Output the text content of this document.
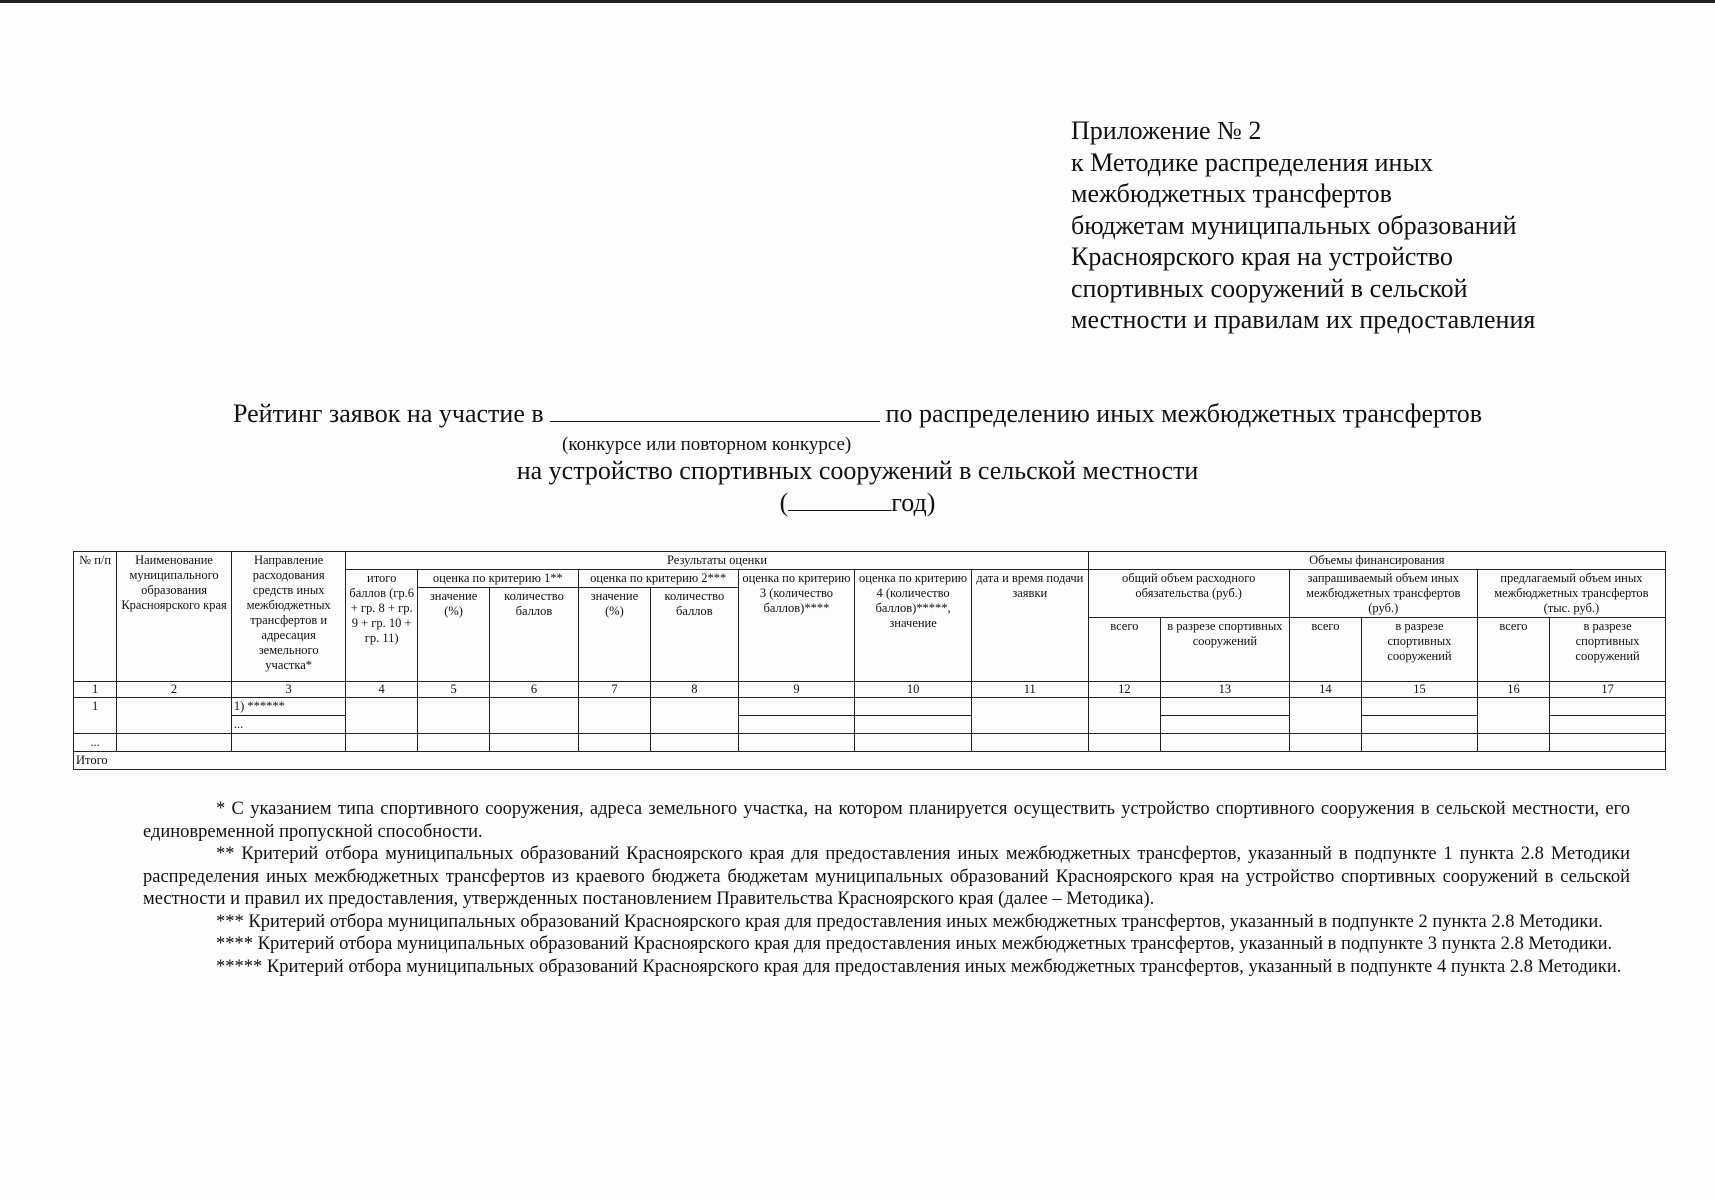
Приложение № 2
к Методике распределения иных
межбюджетных трансфертов
бюджетам муниципальных образований
Красноярского края на устройство
спортивных сооружений в сельской
местности и правилам их предоставления
Рейтинг заявок на участие в	по распределению иных межбюджетных трансфертов
(конкурсе или повторном конкурсе)
на устройство спортивных сооружений в сельской местности
(	год)
№ п/п	Наименование муниципального образования Красноярского края	Направление расходования средств иных межбюджетных трансфертов и адресация земельного участка*	Результаты оценки								Объемы финансирования					
			итого баллов (гр.6 + гр. 8 + гр. 9 + гр. 10 + гр. 11)	оценка по критерию 1**		оценка по критерию 2***		оценка по критерию 3 (количество баллов)****	оценка по критерию 4 (количество баллов)*****, значение	дата и время подачи заявки	общий объем расходного обязательства (руб.)		запрашиваемый объем иных межбюджетных трансфертов (руб.)		предлагаемый объем иных межбюджетных трансфертов (тыс. руб.)	
				значение (%)	количество баллов	значение (%)	количество баллов									
											всего	в разрезе спортивных сооружений	всего	в разрезе спортивных сооружений	всего	в разрезе спортивных сооружений
1	2	3	4	5	6	7	8	9	10	11	12	13	14	15	16	17
1		1) ******														
		...														
...																
Итого																

* С указанием типа спортивного сооружения, адреса земельного участка, на котором планируется осуществить устройство спортивного сооружения в сельской местности, его единовременной пропускной способности.

** Критерий отбора муниципальных образований Красноярского края для предоставления иных межбюджетных трансфертов, указанный в подпункте 1 пункта 2.8 Методики распределения иных межбюджетных трансфертов из краевого бюджета бюджетам муниципальных образований Красноярского края на устройство спортивных сооружений в сельской местности и правил их предоставления, утвержденных постановлением Правительства Красноярского края (далее – Методика).

*** Критерий отбора муниципальных образований Красноярского края для предоставления иных межбюджетных трансфертов, указанный в подпункте 2 пункта 2.8 Методики.

**** Критерий отбора муниципальных образований Красноярского края для предоставления иных межбюджетных трансфертов, указанный в подпункте 3 пункта 2.8 Методики.

***** Критерий отбора муниципальных образований Красноярского края для предоставления иных межбюджетных трансфертов, указанный в подпункте 4 пункта 2.8 Методики.
